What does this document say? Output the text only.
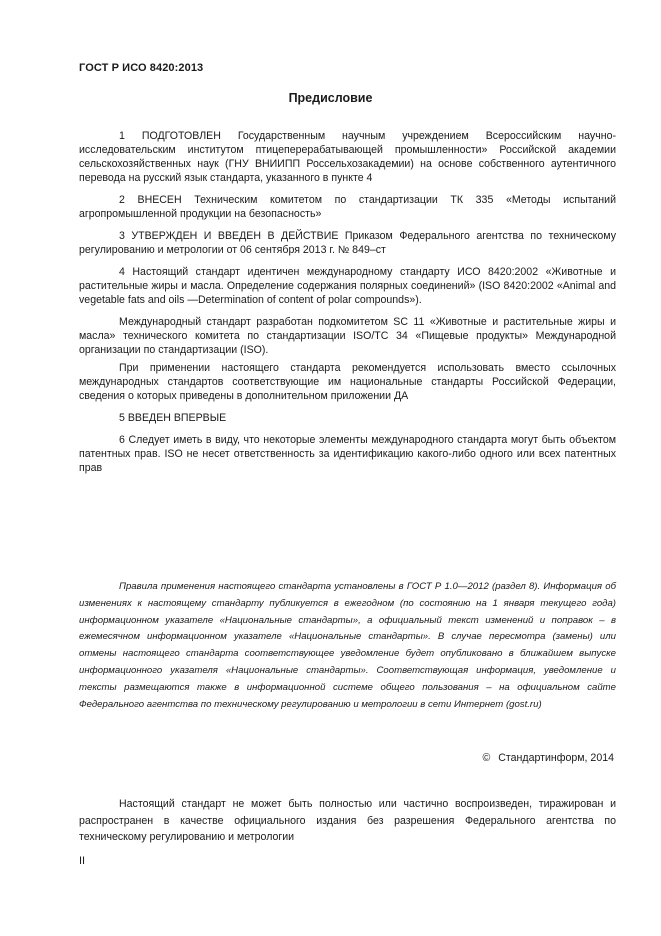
ГОСТ Р ИСО 8420:2013
Предисловие

1 ПОДГОТОВЛЕН Государственным научным учреждением Всероссийским научно-исследовательским институтом птицеперерабатывающей промышленности» Российской академии сельскохозяйственных наук (ГНУ ВНИИПП Россельхозакадемии) на основе собственного аутентичного перевода на русский язык стандарта, указанного в пункте 4

2 ВНЕСЕН Техническим комитетом по стандартизации ТК 335 «Методы испытаний агропромышленной продукции на безопасность»

3 УТВЕРЖДЕН И ВВЕДЕН В ДЕЙСТВИЕ Приказом Федерального агентства по техническому регулированию и метрологии от 06 сентября 2013 г. № 849–ст

4 Настоящий стандарт идентичен международному стандарту ИСО 8420:2002 «Животные и растительные жиры и масла. Определение содержания полярных соединений» (ISO 8420:2002 «Animal and vegetable fats and oils —Determination of content of polar compounds»).

Международный стандарт разработан подкомитетом SC 11 «Животные и растительные жиры и масла» технического комитета по стандартизации ISO/TC 34 «Пищевые продукты» Международной организации по стандартизации (ISO).

При применении настоящего стандарта рекомендуется использовать вместо ссылочных международных стандартов соответствующие им национальные стандарты Российской Федерации, сведения о которых приведены в дополнительном приложении ДА

5 ВВЕДЕН ВПЕРВЫЕ

6 Следует иметь в виду, что некоторые элементы международного стандарта могут быть объектом патентных прав. ISO не несет ответственность за идентификацию какого-либо одного или всех патентных прав

Правила применения настоящего стандарта установлены в ГОСТ Р 1.0—2012 (раздел 8). Информация об изменениях к настоящему стандарту публикуется в ежегодном (по состоянию на 1 января текущего года) информационном указателе «Национальные стандарты», а официальный текст изменений и поправок – в ежемесячном информационном указателе «Национальные стандарты». В случае пересмотра (замены) или отмены настоящего стандарта соответствующее уведомление будет опубликовано в ближайшем выпуске информационного указателя «Национальные стандарты». Соответствующая информация, уведомление и тексты размещаются также в информационной системе общего пользования – на официальном сайте Федерального агентства по техническому регулированию и метрологии в сети Интернет (gost.ru)

© Стандартинформ, 2014

Настоящий стандарт не может быть полностью или частично воспроизведен, тиражирован и распространен в качестве официального издания без разрешения Федерального агентства по техническому регулированию и метрологии

II
